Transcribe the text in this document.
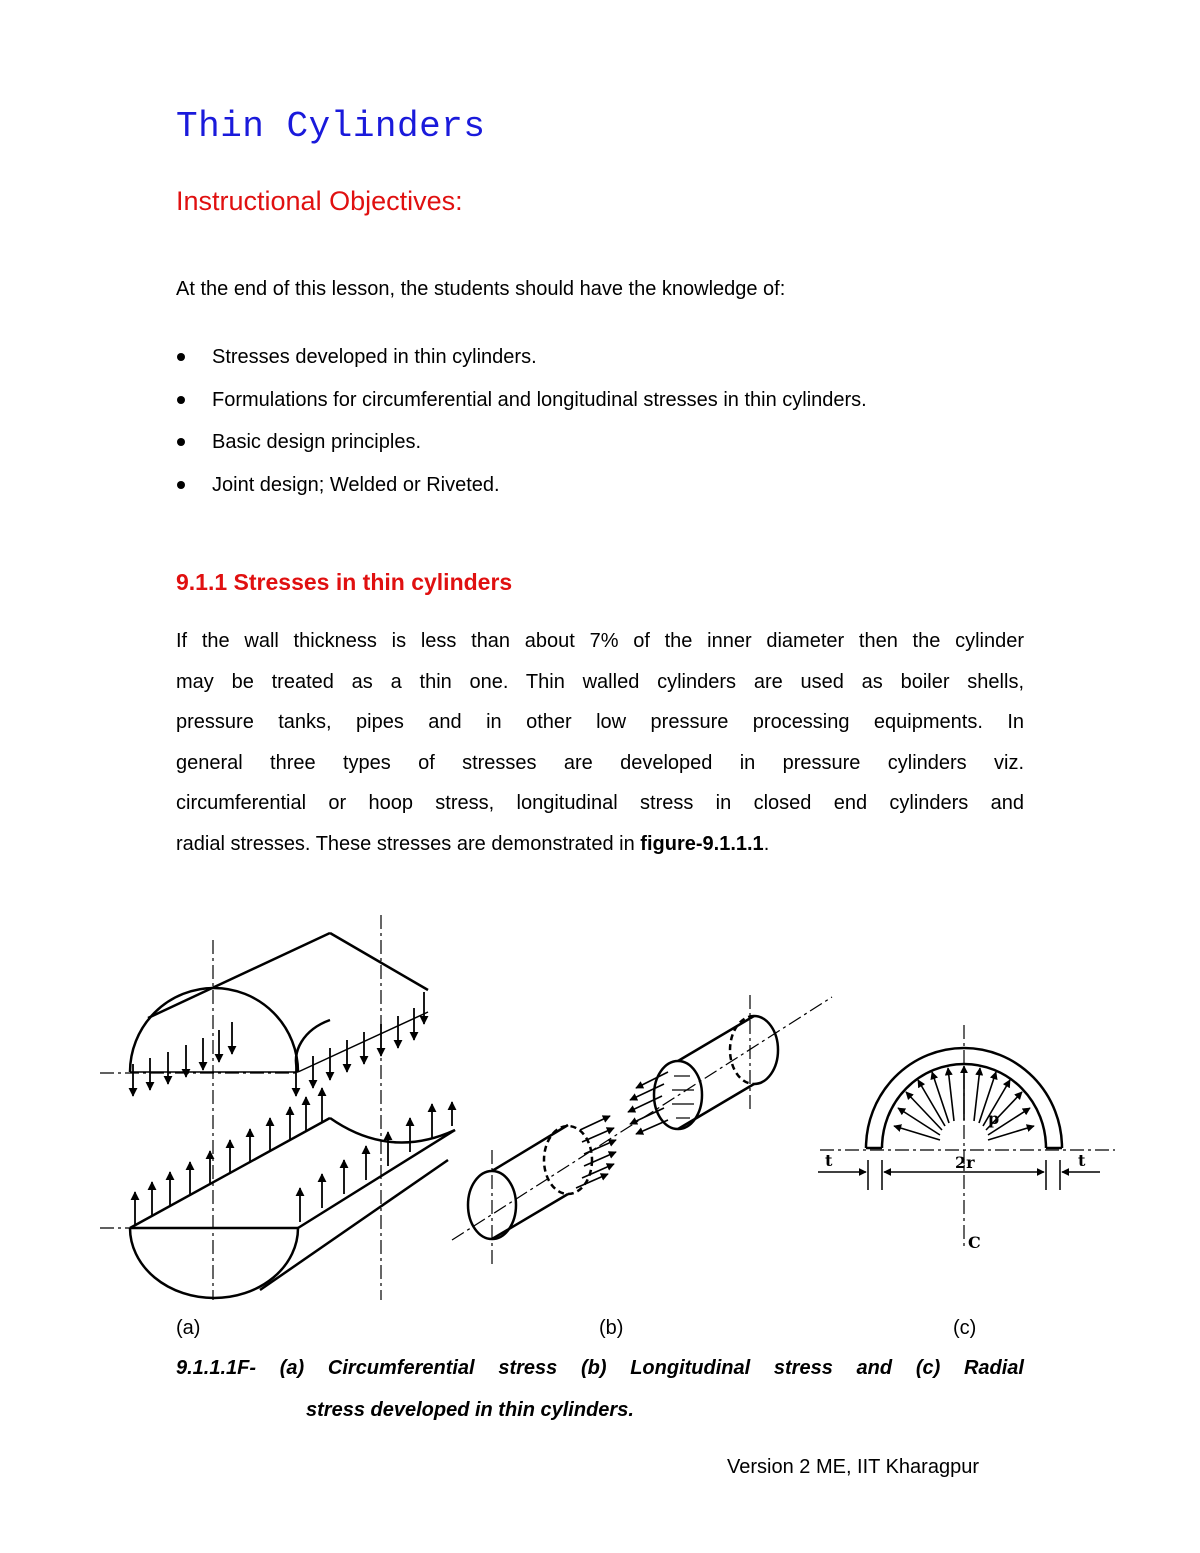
Thin Cylinders
Instructional Objectives:
At the end of this lesson, the students should have the knowledge of:
Stresses developed in thin cylinders.
Formulations for circumferential and longitudinal stresses in thin cylinders.
Basic design principles.
Joint design; Welded or Riveted.
9.1.1 Stresses in thin cylinders
If the wall thickness is less than about 7% of the inner diameter then the cylinder
may be treated as a thin one. Thin walled cylinders are used as boiler shells,
pressure tanks, pipes and in other low pressure processing equipments. In
general three types of stresses are developed in pressure cylinders viz.
circumferential or hoop stress, longitudinal stress in closed end cylinders and
radial stresses. These stresses are demonstrated in figure-9.1.1.1.
p
t	t
2r
C
(a)	(b)	(c)
9.1.1.1F- (a) Circumferential stress (b) Longitudinal stress and (c) Radial
stress developed in thin cylinders.
Version 2 ME, IIT Kharagpur
